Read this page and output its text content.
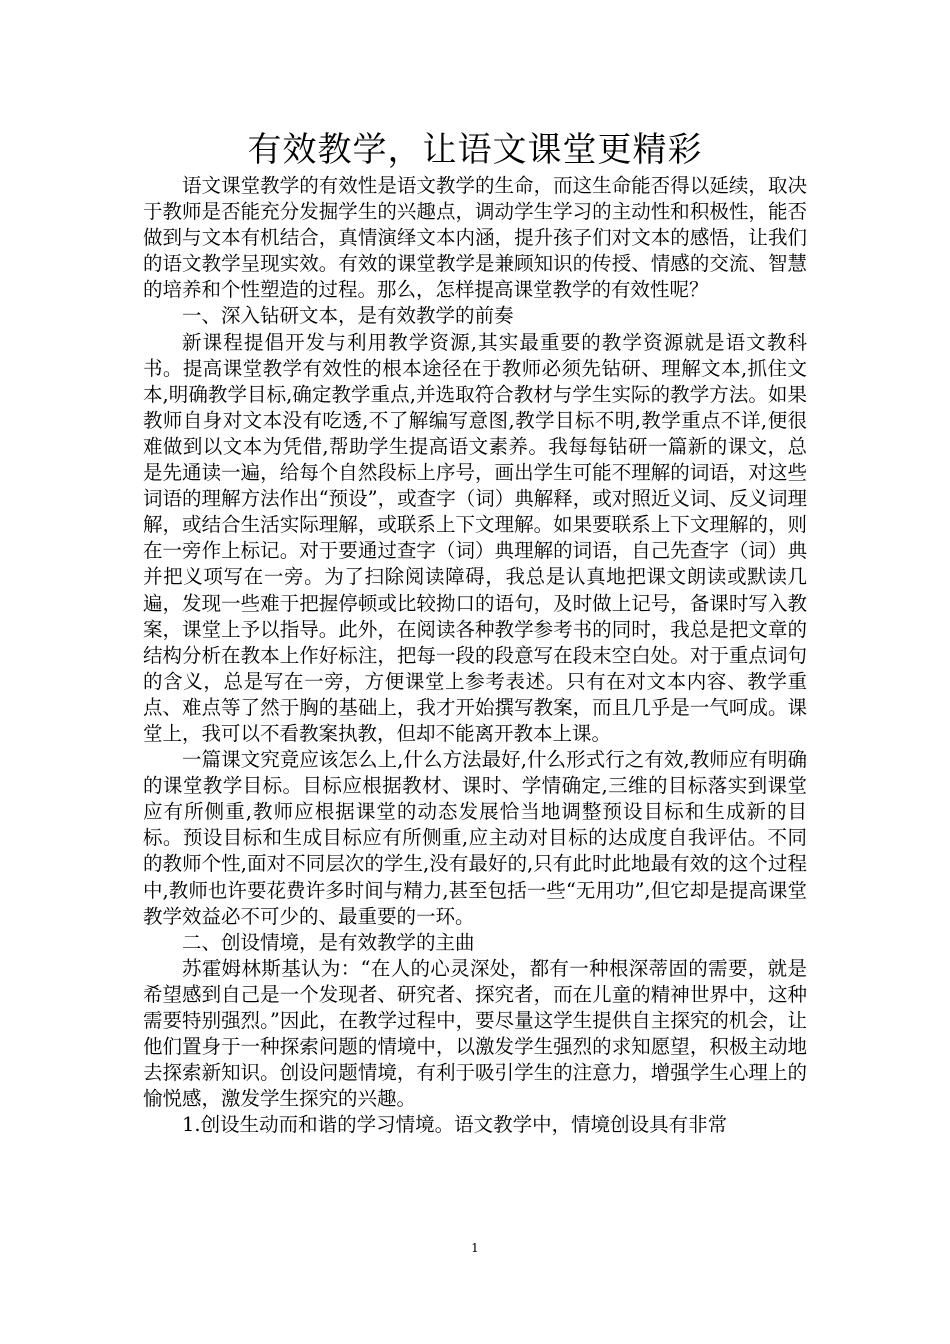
有效教学，让语文课堂更精彩

语文课堂教学的有效性是语文教学的生命，而这生命能否得以延续，取决于教师是否能充分发掘学生的兴趣点，调动学生学习的主动性和积极性，能否做到与文本有机结合，真情演绎文本内涵，提升孩子们对文本的感悟，让我们的语文教学呈现实效。有效的课堂教学是兼顾知识的传授、情感的交流、智慧的培养和个性塑造的过程。那么，怎样提高课堂教学的有效性呢？

一、深入钻研文本，是有效教学的前奏

新课程提倡开发与利用教学资源,其实最重要的教学资源就是语文教科书。提高课堂教学有效性的根本途径在于教师必须先钻研、理解文本,抓住文本,明确教学目标,确定教学重点,并选取符合教材与学生实际的教学方法。如果教师自身对文本没有吃透,不了解编写意图,教学目标不明,教学重点不详,便很难做到以文本为凭借,帮助学生提高语文素养。我每每钻研一篇新的课文，总是先通读一遍，给每个自然段标上序号，画出学生可能不理解的词语，对这些词语的理解方法作出“预设”，或查字（词）典解释，或对照近义词、反义词理解，或结合生活实际理解，或联系上下文理解。如果要联系上下文理解的，则在一旁作上标记。对于要通过查字（词）典理解的词语，自己先查字（词）典并把义项写在一旁。为了扫除阅读障碍，我总是认真地把课文朗读或默读几遍，发现一些难于把握停顿或比较拗口的语句，及时做上记号，备课时写入教案，课堂上予以指导。此外，在阅读各种教学参考书的同时，我总是把文章的结构分析在教本上作好标注，把每一段的段意写在段末空白处。对于重点词句的含义，总是写在一旁，方便课堂上参考表述。只有在对文本内容、教学重点、难点等了然于胸的基础上，我才开始撰写教案，而且几乎是一气呵成。课堂上，我可以不看教案执教，但却不能离开教本上课。

一篇课文究竟应该怎么上,什么方法最好,什么形式行之有效,教师应有明确的课堂教学目标。目标应根据教材、课时、学情确定,三维的目标落实到课堂应有所侧重,教师应根据课堂的动态发展恰当地调整预设目标和生成新的目标。预设目标和生成目标应有所侧重,应主动对目标的达成度自我评估。不同的教师个性,面对不同层次的学生,没有最好的,只有此时此地最有效的这个过程中,教师也许要花费许多时间与精力,甚至包括一些“无用功”,但它却是提高课堂教学效益必不可少的、最重要的一环。

二、创设情境，是有效教学的主曲

苏霍姆林斯基认为：“在人的心灵深处，都有一种根深蒂固的需要，就是希望感到自己是一个发现者、研究者、探究者，而在儿童的精神世界中，这种需要特别强烈。”因此，在教学过程中，要尽量这学生提供自主探究的机会，让他们置身于一种探索问题的情境中，以激发学生强烈的求知愿望，积极主动地去探索新知识。创设问题情境，有利于吸引学生的注意力，增强学生心理上的愉悦感，激发学生探究的兴趣。

1.创设生动而和谐的学习情境。语文教学中，情境创设具有非常

1
